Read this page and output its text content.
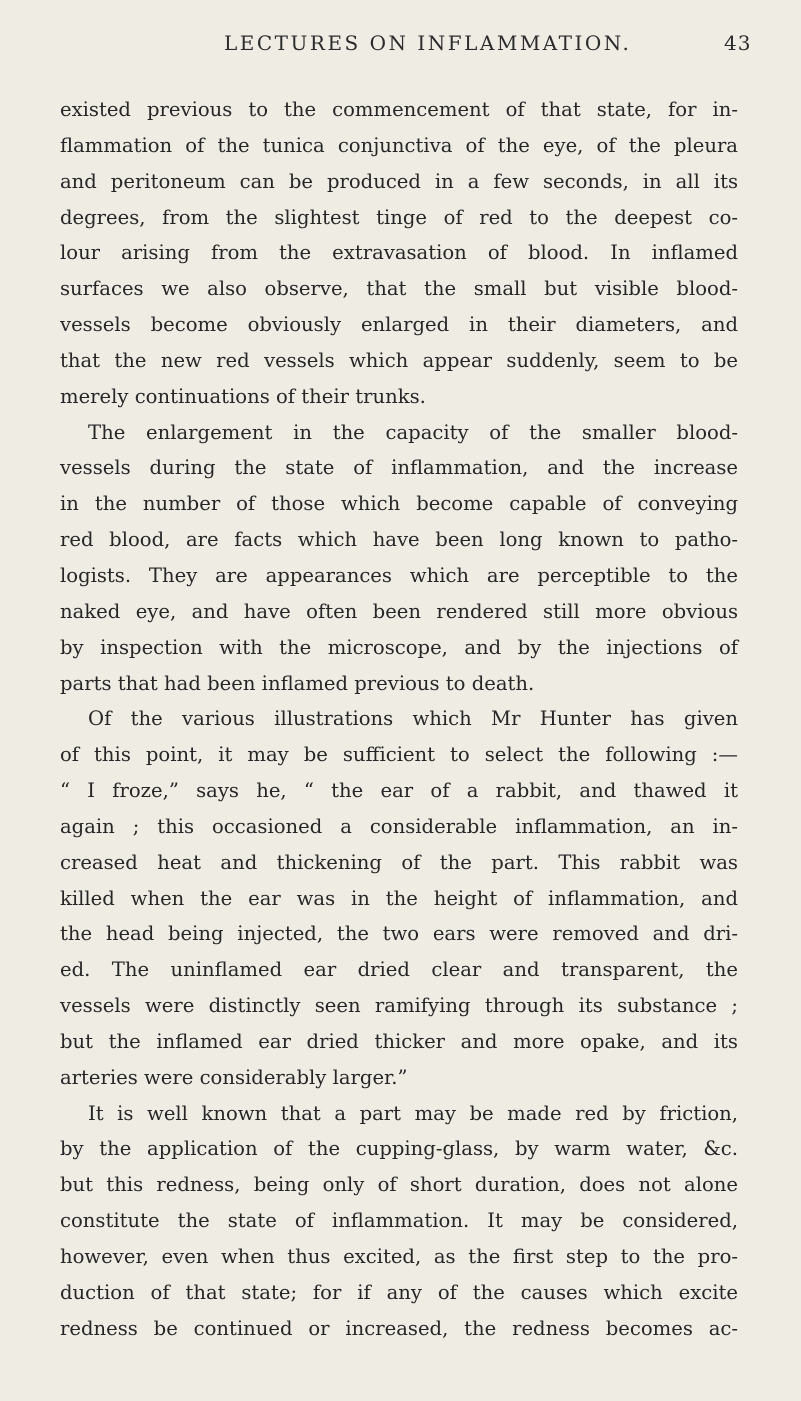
LECTURES ON INFLAMMATION.	43
existed previous to the commencement of that state, for in-
flammation of the tunica conjunctiva of the eye, of the pleura
and peritoneum can be produced in a few seconds, in all its
degrees, from the slightest tinge of red to the deepest co-
lour arising from the extravasation of blood. In inflamed
surfaces we also observe, that the small but visible blood-
vessels become obviously enlarged in their diameters, and
that the new red vessels which appear suddenly, seem to be
merely continuations of their trunks.
The enlargement in the capacity of the smaller blood-
vessels during the state of inflammation, and the increase
in the number of those which become capable of conveying
red blood, are facts which have been long known to patho-
logists. They are appearances which are perceptible to the
naked eye, and have often been rendered still more obvious
by inspection with the microscope, and by the injections of
parts that had been inflamed previous to death.
Of the various illustrations which Mr Hunter has given
of this point, it may be sufficient to select the following :—
“ I froze,” says he, “ the ear of a rabbit, and thawed it
again ; this occasioned a considerable inflammation, an in-
creased heat and thickening of the part. This rabbit was
killed when the ear was in the height of inflammation, and
the head being injected, the two ears were removed and dri-
ed. The uninflamed ear dried clear and transparent, the
vessels were distinctly seen ramifying through its substance ;
but the inflamed ear dried thicker and more opake, and its
arteries were considerably larger.”
It is well known that a part may be made red by friction,
by the application of the cupping-glass, by warm water, &c.
but this redness, being only of short duration, does not alone
constitute the state of inflammation. It may be considered,
however, even when thus excited, as the first step to the pro-
duction of that state; for if any of the causes which excite
redness be continued or increased, the redness becomes ac-
